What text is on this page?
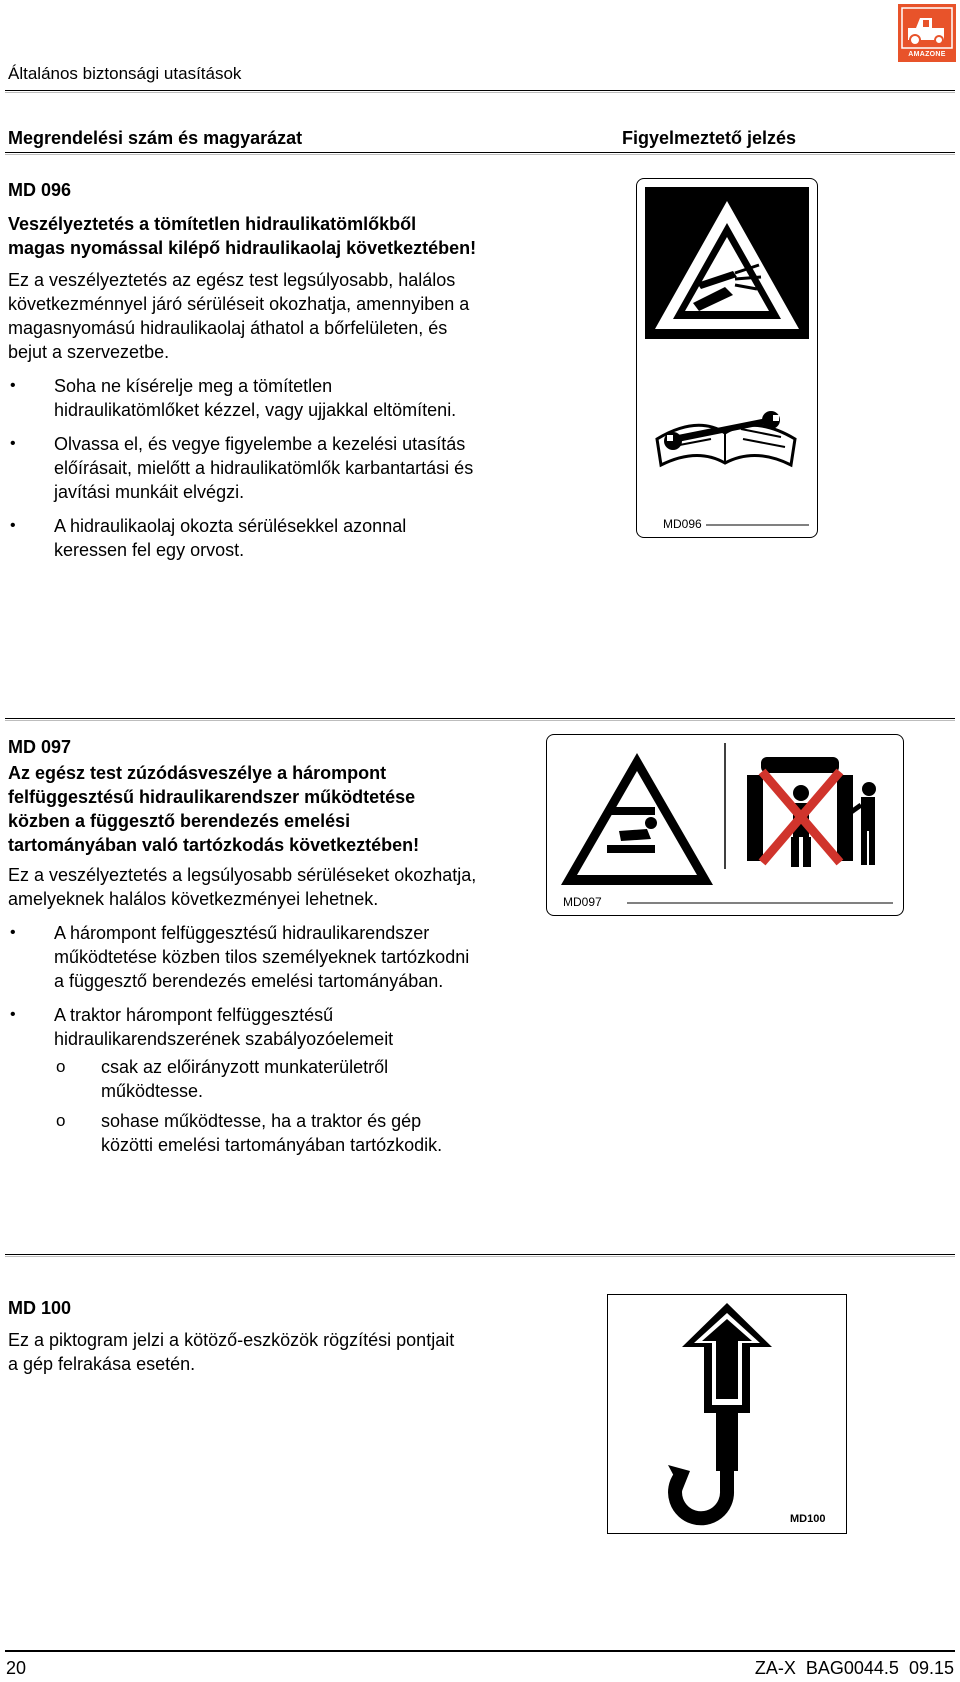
Általános biztonsági utasítások
AMAZONE
Megrendelési szám és magyarázat	Figyelmeztető jelzés
MD 096

Veszélyeztetés a tömítetlen hidraulikatömlőkből magas nyomással kilépő hidraulikaolaj következtében!

Ez a veszélyeztetés az egész test legsúlyosabb, halálos következménnyel járó sérüléseit okozhatja, amennyiben a magasnyomású hidraulikaolaj áthatol a bőrfelületen, és bejut a szervezetbe.

• Soha ne kísérelje meg a tömítetlen hidraulikatömlőket kézzel, vagy ujjakkal eltömíteni.
• Olvassa el, és vegye figyelembe a kezelési utasítás előírásait, mielőtt a hidraulikatömlők karbantartási és javítási munkáit elvégzi.
• A hidraulikaolaj okozta sérülésekkel azonnal keressen fel egy orvost.
MD096
MD 097

Az egész test zúzódásveszélye a hárompont felfüggesztésű hidraulikarendszer működtetése közben a függesztő berendezés emelési tartományában való tartózkodás következtében!

Ez a veszélyeztetés a legsúlyosabb sérüléseket okozhatja, amelyeknek halálos következményei lehetnek.

• A hárompont felfüggesztésű hidraulikarendszer működtetése közben tilos személyeknek tartózkodni a függesztő berendezés emelési tartományában.
• A traktor hárompont felfüggesztésű hidraulikarendszerének szabályozóelemeit
o csak az előirányzott munkaterületről működtesse.
o sohase működtesse, ha a traktor és gép közötti emelési tartományában tartózkodik.
MD097
MD 100

Ez a piktogram jelzi a kötöző-eszközök rögzítési pontjait a gép felrakása esetén.

MD100
20	ZA-X  BAG0044.5  09.15
